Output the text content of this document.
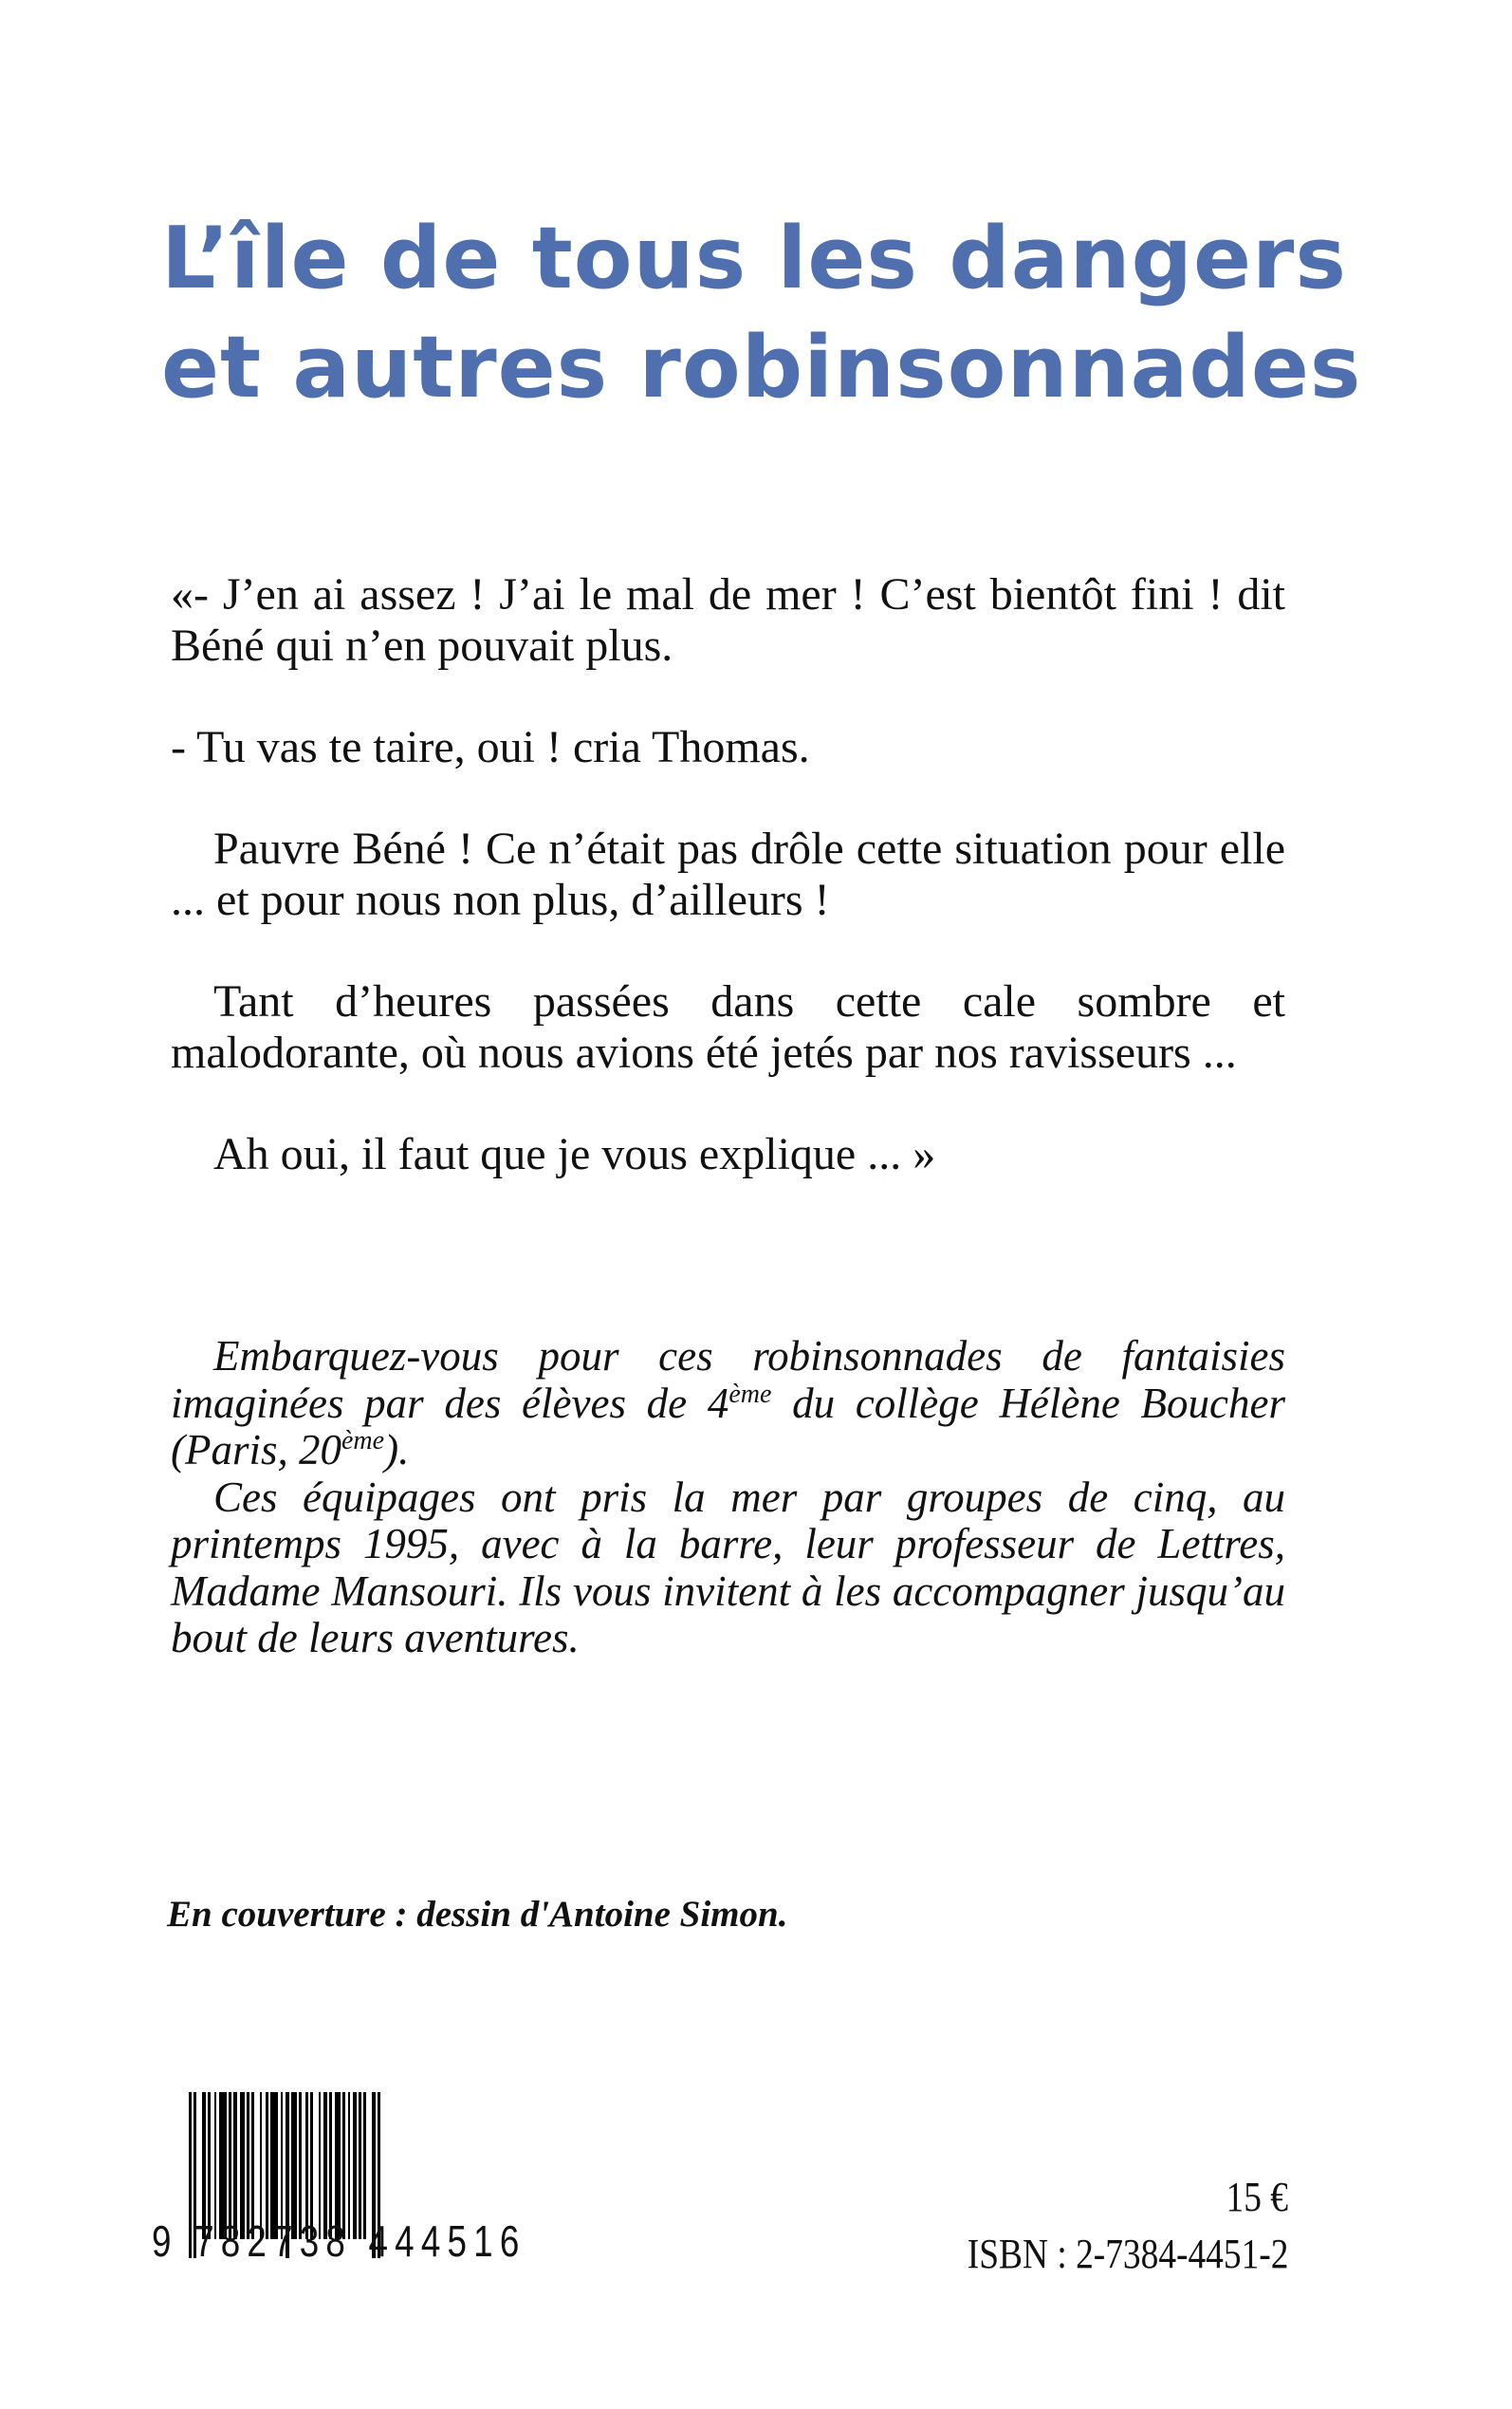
L’île de tous les dangers
et autres robinsonnades

«- J’en ai assez ! J’ai le mal de mer ! C’est bientôt fini ! dit Béné qui n’en pouvait plus.

- Tu vas te taire, oui ! cria Thomas.

Pauvre Béné ! Ce n’était pas drôle cette situation pour elle ... et pour nous non plus, d’ailleurs !

Tant d’heures passées dans cette cale sombre et malodorante, où nous avions été jetés par nos ravisseurs ...

Ah oui, il faut que je vous explique ... »

Embarquez-vous pour ces robinsonnades de fantaisies imaginées par des élèves de 4ème du collège Hélène Boucher (Paris, 20ème).

Ces équipages ont pris la mer par groupes de cinq, au printemps 1995, avec à la barre, leur professeur de Lettres, Madame Mansouri. Ils vous invitent à les accompagner jusqu’au bout de leurs aventures.

En couverture : dessin d'Antoine Simon.
9 782738 444516
15 €
ISBN : 2-7384-4451-2
